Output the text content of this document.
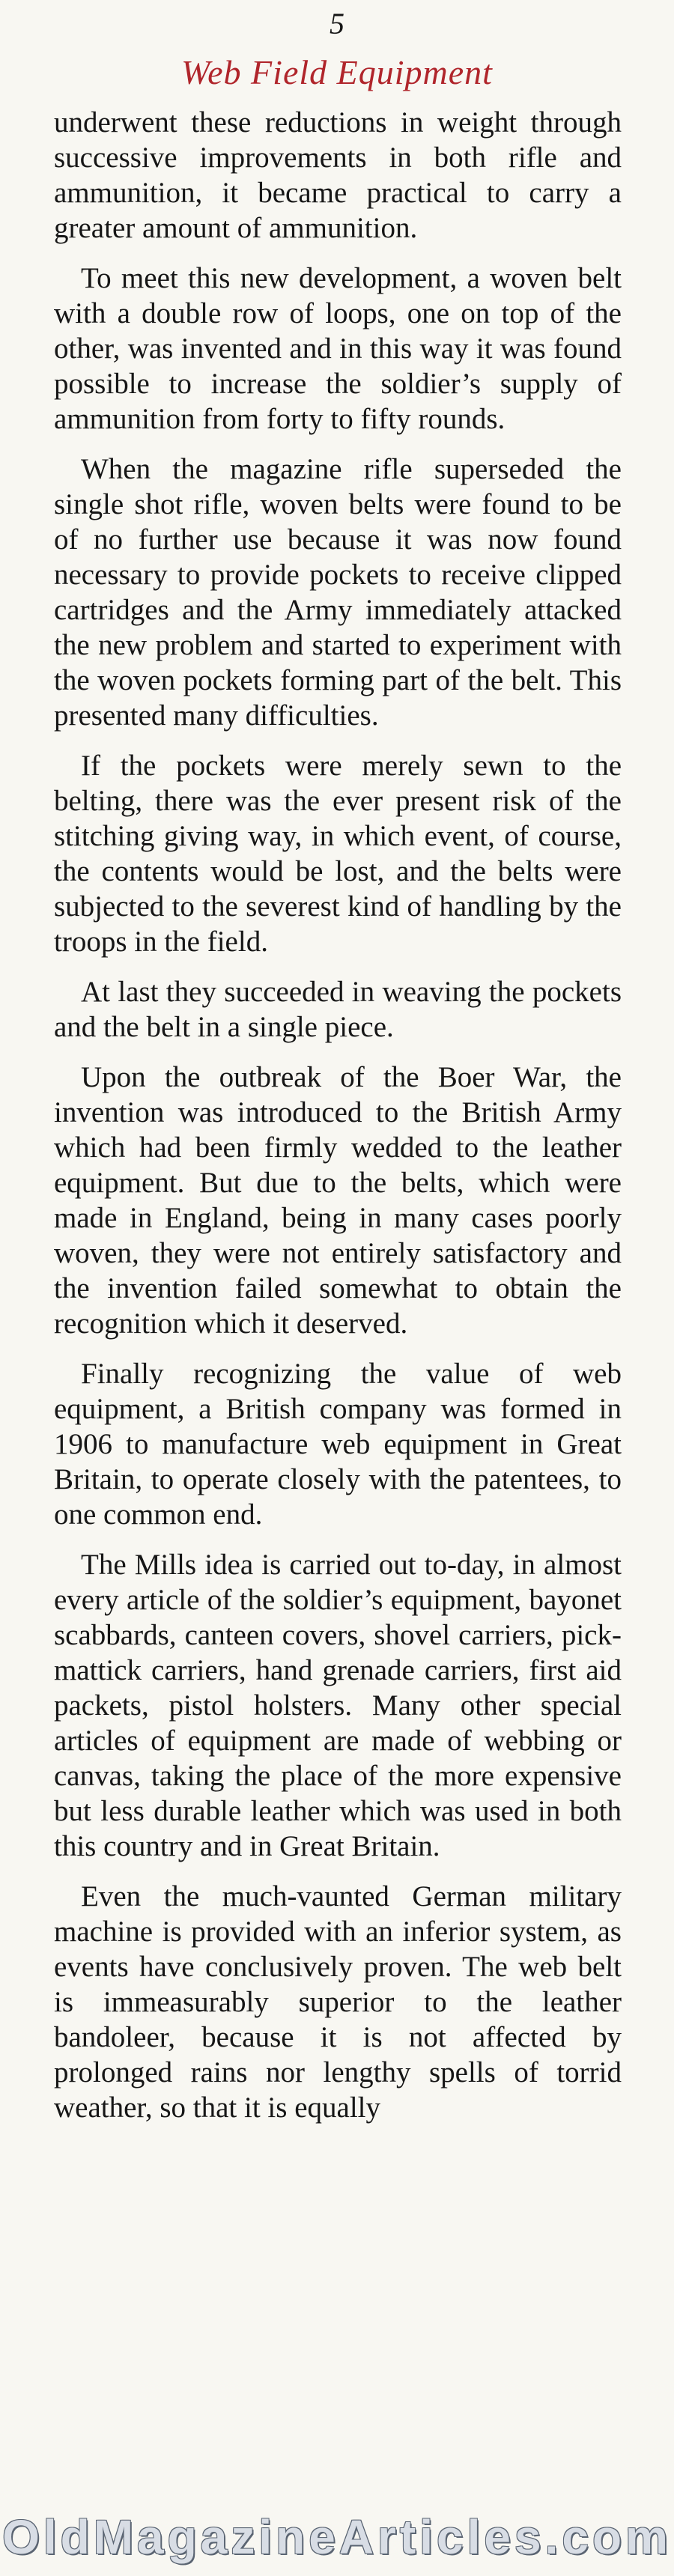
5
Web Field Equipment

underwent these reductions in weight through successive improvements in both rifle and ammunition, it became practical to carry a greater amount of ammunition.

To meet this new development, a woven belt with a double row of loops, one on top of the other, was invented and in this way it was found possible to increase the soldier’s supply of ammunition from forty to fifty rounds.

When the magazine rifle superseded the single shot rifle, woven belts were found to be of no further use because it was now found necessary to provide pockets to receive clipped cartridges and the Army immediately attacked the new problem and started to experiment with the woven pockets forming part of the belt. This presented many difficulties.

If the pockets were merely sewn to the belting, there was the ever present risk of the stitching giving way, in which event, of course, the contents would be lost, and the belts were subjected to the severest kind of handling by the troops in the field.

At last they succeeded in weaving the pockets and the belt in a single piece.

Upon the outbreak of the Boer War, the invention was introduced to the British Army which had been firmly wedded to the leather equipment. But due to the belts, which were made in England, being in many cases poorly woven, they were not entirely satisfactory and the invention failed somewhat to obtain the recognition which it deserved.

Finally recognizing the value of web equipment, a British company was formed in 1906 to manufacture web equipment in Great Britain, to operate closely with the patentees, to one common end.

The Mills idea is carried out to-day, in almost every article of the soldier’s equipment, bayonet scabbards, canteen covers, shovel carriers, pickmattick carriers, hand grenade carriers, first aid packets, pistol holsters. Many other special articles of equipment are made of webbing or canvas, taking the place of the more expensive but less durable leather which was used in both this country and in Great Britain.

Even the much-vaunted German military machine is provided with an inferior system, as events have conclusively proven. The web belt is immeasurably superior to the leather bandoleer, because it is not affected by prolonged rains nor lengthy spells of torrid weather, so that it is equally

OldMagazineArticles.com
